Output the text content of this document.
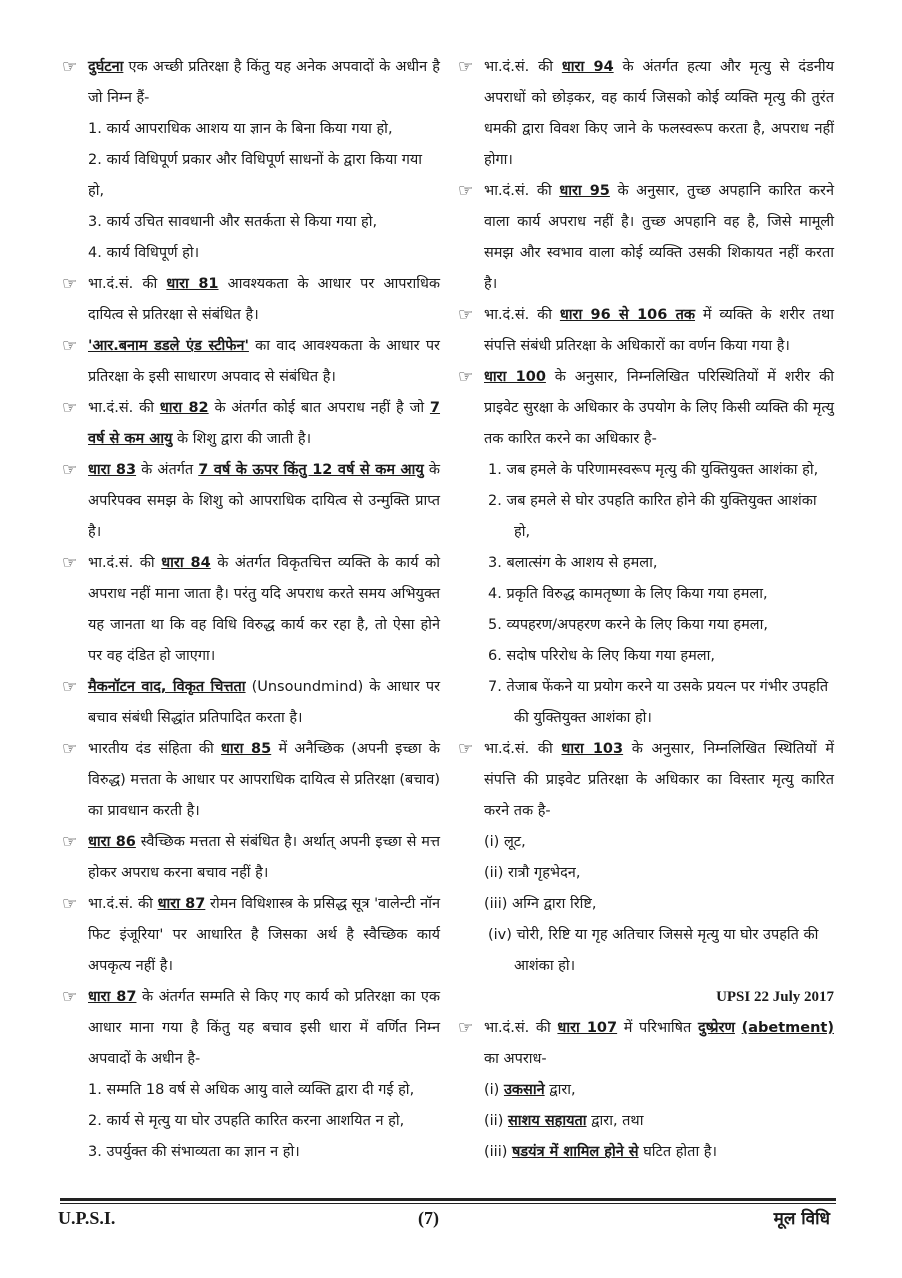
☞ दुर्घटना एक अच्छी प्रतिरक्षा है किंतु यह अनेक अपवादों के अधीन है जो निम्न हैं-
1. कार्य आपराधिक आशय या ज्ञान के बिना किया गया हो,
2. कार्य विधिपूर्ण प्रकार और विधिपूर्ण साधनों के द्वारा किया गया हो,
3. कार्य उचित सावधानी और सतर्कता से किया गया हो,
4. कार्य विधिपूर्ण हो।
☞ भा.दं.सं. की धारा 81 आवश्यकता के आधार पर आपराधिक दायित्व से प्रतिरक्षा से संबंधित है।
☞ 'आर.बनाम डडले एंड स्टीफेन' का वाद आवश्यकता के आधार पर प्रतिरक्षा के इसी साधारण अपवाद से संबंधित है।
☞ भा.दं.सं. की धारा 82 के अंतर्गत कोई बात अपराध नहीं है जो 7 वर्ष से कम आयु के शिशु द्वारा की जाती है।
☞ धारा 83 के अंतर्गत 7 वर्ष के ऊपर किंतु 12 वर्ष से कम आयु के अपरिपक्व समझ के शिशु को आपराधिक दायित्व से उन्मुक्ति प्राप्त है।
☞ भा.दं.सं. की धारा 84 के अंतर्गत विकृतचित्त व्यक्ति के कार्य को अपराध नहीं माना जाता है। परंतु यदि अपराध करते समय अभियुक्त यह जानता था कि वह विधि विरुद्ध कार्य कर रहा है, तो ऐसा होने पर वह दंडित हो जाएगा।
☞ मैकनॉटन वाद, विकृत चित्तता (Unsoundmind) के आधार पर बचाव संबंधी सिद्धांत प्रतिपादित करता है।
☞ भारतीय दंड संहिता की धारा 85 में अनैच्छिक (अपनी इच्छा के विरुद्ध) मत्तता के आधार पर आपराधिक दायित्व से प्रतिरक्षा (बचाव) का प्रावधान करती है।
☞ धारा 86 स्वैच्छिक मत्तता से संबंधित है। अर्थात् अपनी इच्छा से मत्त होकर अपराध करना बचाव नहीं है।
☞ भा.दं.सं. की धारा 87 रोमन विधिशास्त्र के प्रसिद्ध सूत्र 'वालेन्टी नॉन फिट इंजूरिया' पर आधारित है जिसका अर्थ है स्वैच्छिक कार्य अपकृत्य नहीं है।
☞ धारा 87 के अंतर्गत सम्मति से किए गए कार्य को प्रतिरक्षा का एक आधार माना गया है किंतु यह बचाव इसी धारा में वर्णित निम्न अपवादों के अधीन है-
1. सम्मति 18 वर्ष से अधिक आयु वाले व्यक्ति द्वारा दी गई हो,
2. कार्य से मृत्यु या घोर उपहति कारित करना आशयित न हो,
3. उपर्युक्त की संभाव्यता का ज्ञान न हो।
☞ भा.दं.सं. की धारा 94 के अंतर्गत हत्या और मृत्यु से दंडनीय अपराधों को छोड़कर, वह कार्य जिसको कोई व्यक्ति मृत्यु की तुरंत धमकी द्वारा विवश किए जाने के फलस्वरूप करता है, अपराध नहीं होगा।
☞ भा.दं.सं. की धारा 95 के अनुसार, तुच्छ अपहानि कारित करने वाला कार्य अपराध नहीं है। तुच्छ अपहानि वह है, जिसे मामूली समझ और स्वभाव वाला कोई व्यक्ति उसकी शिकायत नहीं करता है।
☞ भा.दं.सं. की धारा 96 से 106 तक में व्यक्ति के शरीर तथा संपत्ति संबंधी प्रतिरक्षा के अधिकारों का वर्णन किया गया है।
☞ धारा 100 के अनुसार, निम्नलिखित परिस्थितियों में शरीर की प्राइवेट सुरक्षा के अधिकार के उपयोग के लिए किसी व्यक्ति की मृत्यु तक कारित करने का अधिकार है-
1. जब हमले के परिणामस्वरूप मृत्यु की युक्तियुक्त आशंका हो,
2. जब हमले से घोर उपहति कारित होने की युक्तियुक्त आशंका हो,
3. बलात्संग के आशय से हमला,
4. प्रकृति विरुद्ध कामतृष्णा के लिए किया गया हमला,
5. व्यपहरण/अपहरण करने के लिए किया गया हमला,
6. सदोष परिरोध के लिए किया गया हमला,
7. तेजाब फेंकने या प्रयोग करने या उसके प्रयत्न पर गंभीर उपहति की युक्तियुक्त आशंका हो।
☞ भा.दं.सं. की धारा 103 के अनुसार, निम्नलिखित स्थितियों में संपत्ति की प्राइवेट प्रतिरक्षा के अधिकार का विस्तार मृत्यु कारित करने तक है-
(i) लूट,
(ii) रात्रौ गृहभेदन,
(iii) अग्नि द्वारा रिष्टि,
(iv) चोरी, रिष्टि या गृह अतिचार जिससे मृत्यु या घोर उपहति की आशंका हो।
UPSI 22 July 2017
☞ भा.दं.सं. की धारा 107 में परिभाषित दुष्प्रेरण (abetment) का अपराध-
(i) उकसाने द्वारा,
(ii) साशय सहायता द्वारा, तथा
(iii) षडयंत्र में शामिल होने से घटित होता है।
U.P.S.I.	(7)	मूल विधि
